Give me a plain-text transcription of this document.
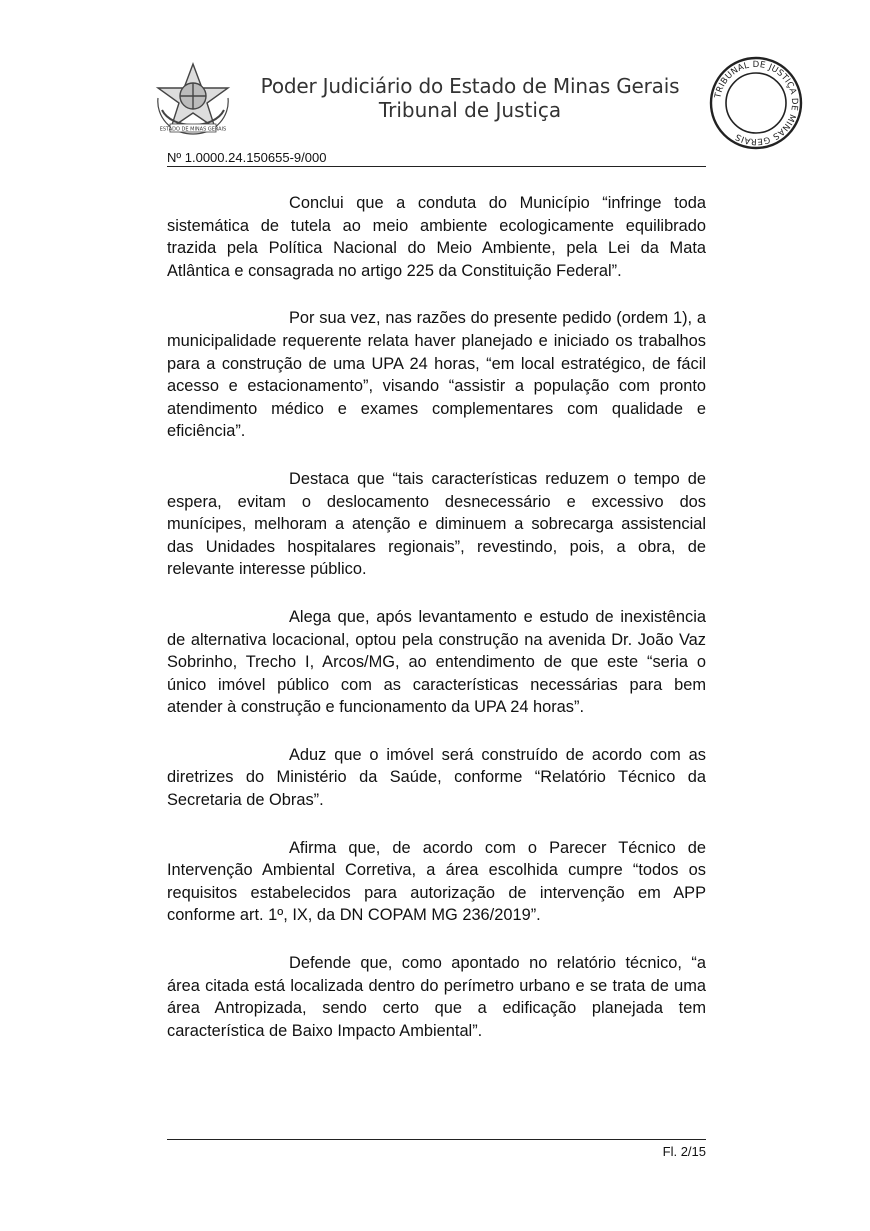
ESTADO DE MINAS GERAIS
Poder Judiciário do Estado de Minas Gerais
Tribunal de Justiça
TRIBUNAL DE JUSTIÇA DE MINAS GERAIS
Nº 1.0000.24.150655-9/000

Conclui que a conduta do Município “infringe toda sistemática de tutela ao meio ambiente ecologicamente equilibrado trazida pela Política Nacional do Meio Ambiente, pela Lei da Mata Atlântica e consagrada no artigo 225 da Constituição Federal”.

Por sua vez, nas razões do presente pedido (ordem 1), a municipalidade requerente relata haver planejado e iniciado os trabalhos para a construção de uma UPA 24 horas, “em local estratégico, de fácil acesso e estacionamento”, visando “assistir a população com pronto atendimento médico e exames complementares com qualidade e eficiência”.

Destaca que “tais características reduzem o tempo de espera, evitam o deslocamento desnecessário e excessivo dos munícipes, melhoram a atenção e diminuem a sobrecarga assistencial das Unidades hospitalares regionais”, revestindo, pois, a obra, de relevante interesse público.

Alega que, após levantamento e estudo de inexistência de alternativa locacional, optou pela construção na avenida Dr. João Vaz Sobrinho, Trecho I, Arcos/MG, ao entendimento de que este “seria o único imóvel público com as características necessárias para bem atender à construção e funcionamento da UPA 24 horas”.

Aduz que o imóvel será construído de acordo com as diretrizes do Ministério da Saúde, conforme “Relatório Técnico da Secretaria de Obras”.

Afirma que, de acordo com o Parecer Técnico de Intervenção Ambiental Corretiva, a área escolhida cumpre “todos os requisitos estabelecidos para autorização de intervenção em APP conforme art. 1º, IX, da DN COPAM MG 236/2019”.

Defende que, como apontado no relatório técnico, “a área citada está localizada dentro do perímetro urbano e se trata de uma área Antropizada, sendo certo que a edificação planejada tem característica de Baixo Impacto Ambiental”.

Fl. 2/15
